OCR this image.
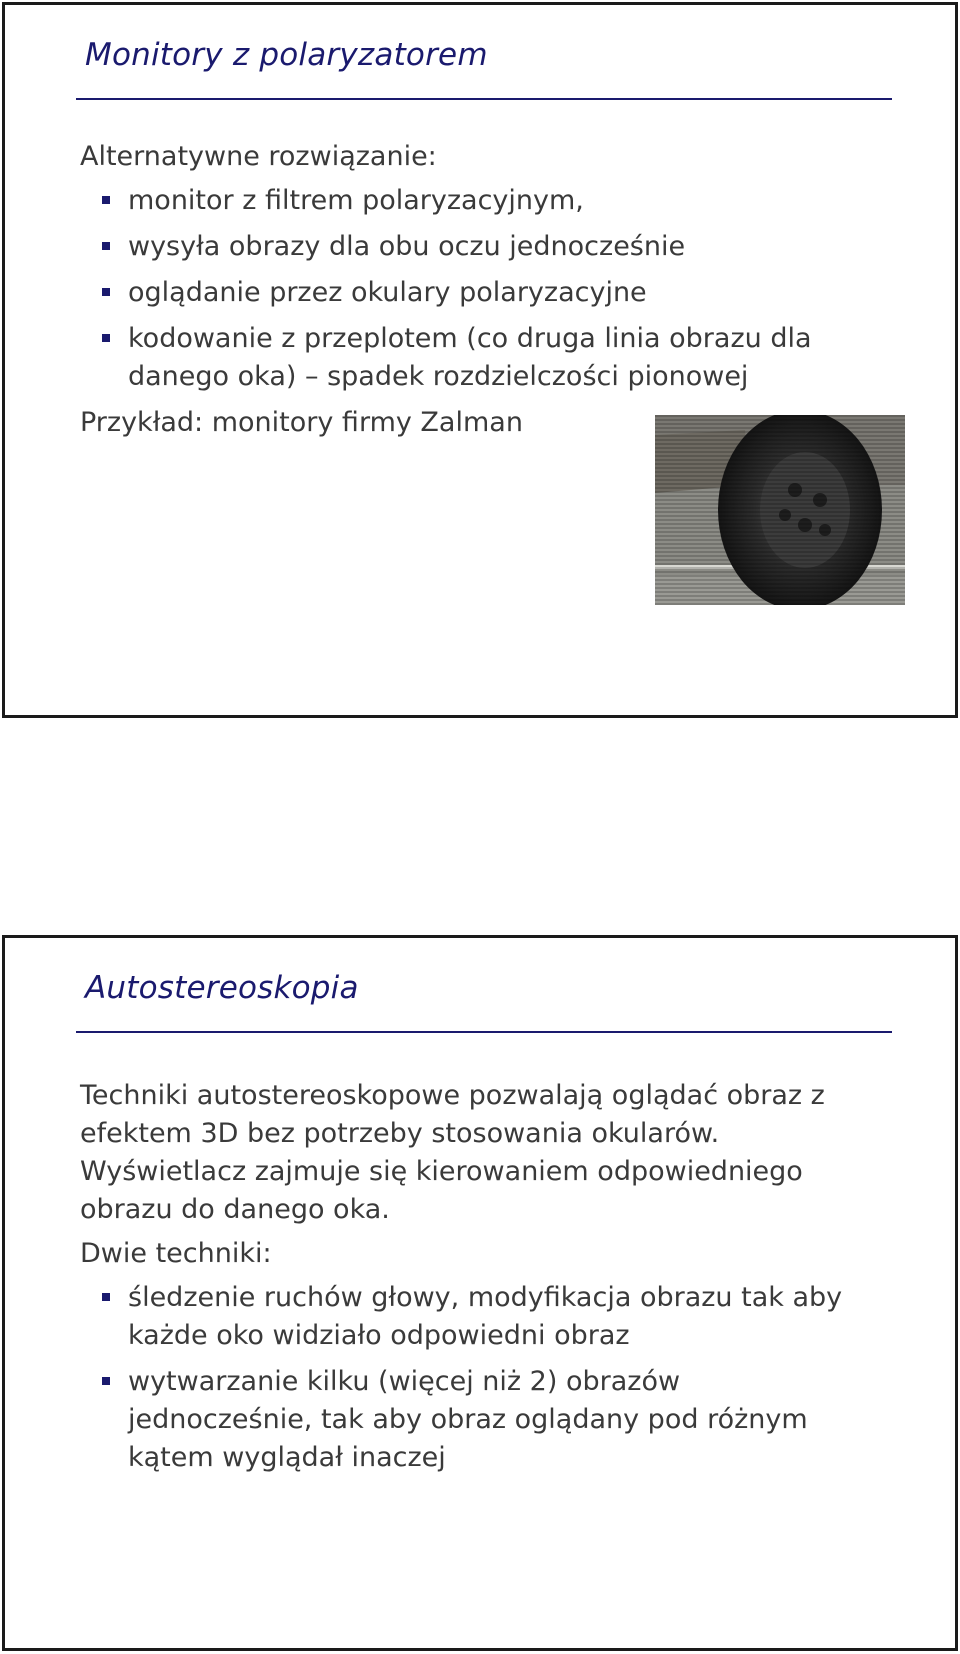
Monitory z polaryzatorem

Alternatywne rozwiązanie:

monitor z filtrem polaryzacyjnym,
wysyła obrazy dla obu oczu jednocześnie
oglądanie przez okulary polaryzacyjne
kodowanie z przeplotem (co druga linia obrazu dla danego oka) – spadek rozdzielczości pionowej

Przykład: monitory firmy Zalman

Autostereoskopia

Techniki autostereoskopowe pozwalają oglądać obraz z efektem 3D bez potrzeby stosowania okularów. Wyświetlacz zajmuje się kierowaniem odpowiedniego obrazu do danego oka.

Dwie techniki:

śledzenie ruchów głowy, modyfikacja obrazu tak aby każde oko widziało odpowiedni obraz
wytwarzanie kilku (więcej niż 2) obrazów jednocześnie, tak aby obraz oglądany pod różnym kątem wyglądał inaczej
